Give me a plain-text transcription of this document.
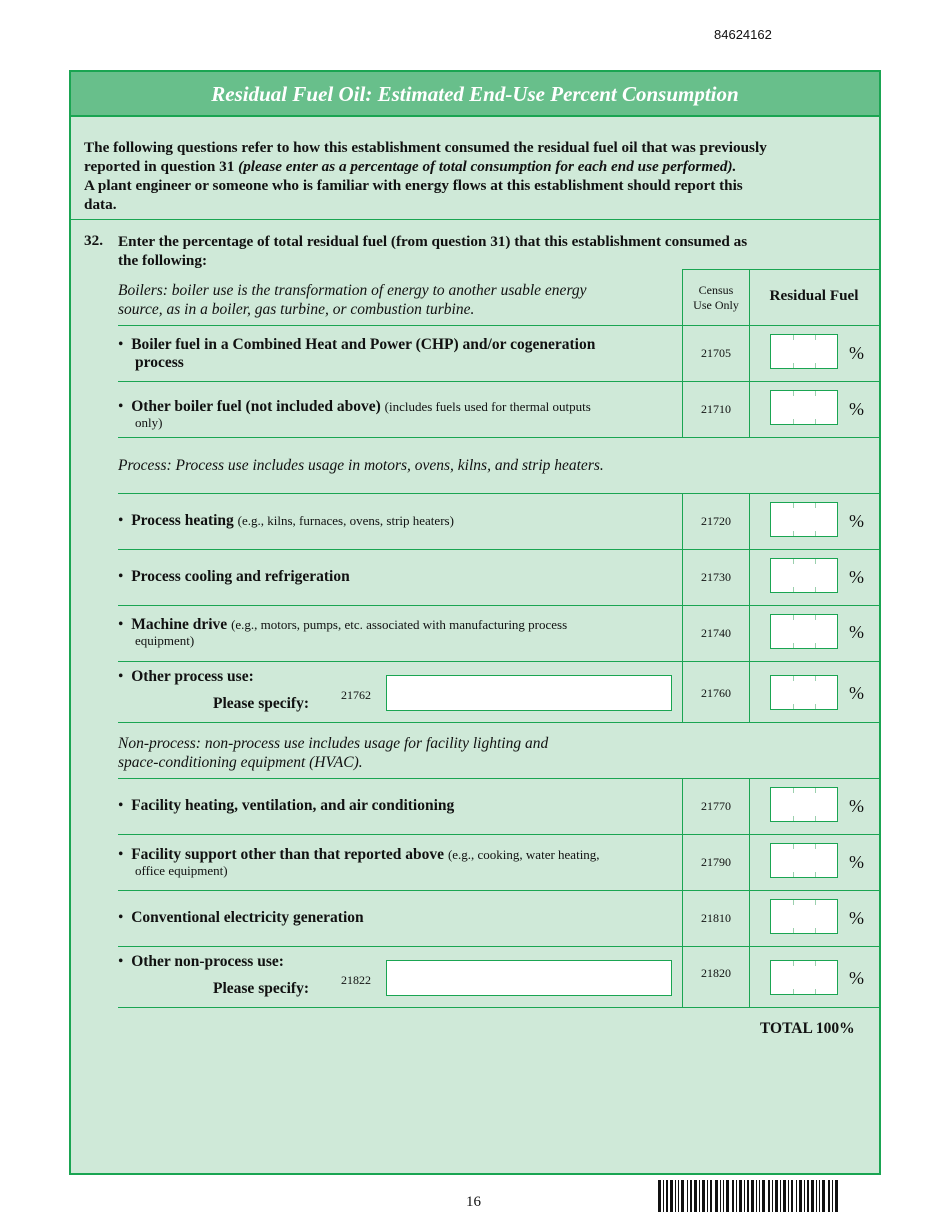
84624162
Residual Fuel Oil: Estimated End-Use Percent Consumption
The following questions refer to how this establishment consumed the residual fuel oil that was previously
reported in question 31 (please enter as a percentage of total consumption for each end use performed).
A plant engineer or someone who is familiar with energy flows at this establishment should report this
data.
32. Enter the percentage of total residual fuel (from question 31) that this establishment consumed as
the following:
Boilers: boiler use is the transformation of energy to another usable energy
source, as in a boiler, gas turbine, or combustion turbine.
Census
Use Only
Residual Fuel
• Boiler fuel in a Combined Heat and Power (CHP) and/or cogeneration
process
21705	%
• Other boiler fuel (not included above) (includes fuels used for thermal outputs
only)
21710	%
Process: Process use includes usage in motors, ovens, kilns, and strip heaters.
• Process heating (e.g., kilns, furnaces, ovens, strip heaters)	21720	%
• Process cooling and refrigeration	21730	%
• Machine drive (e.g., motors, pumps, etc. associated with manufacturing process
equipment)	21740	%
• Other process use:
Please specify:	21762	21760	%
Non-process: non-process use includes usage for facility lighting and
space-conditioning equipment (HVAC).
• Facility heating, ventilation, and air conditioning	21770	%
• Facility support other than that reported above (e.g., cooking, water heating,
office equipment)
21790	%
• Conventional electricity generation	21810	%
• Other non-process use:
Please specify:	21822	21820	%
TOTAL 100%
16
